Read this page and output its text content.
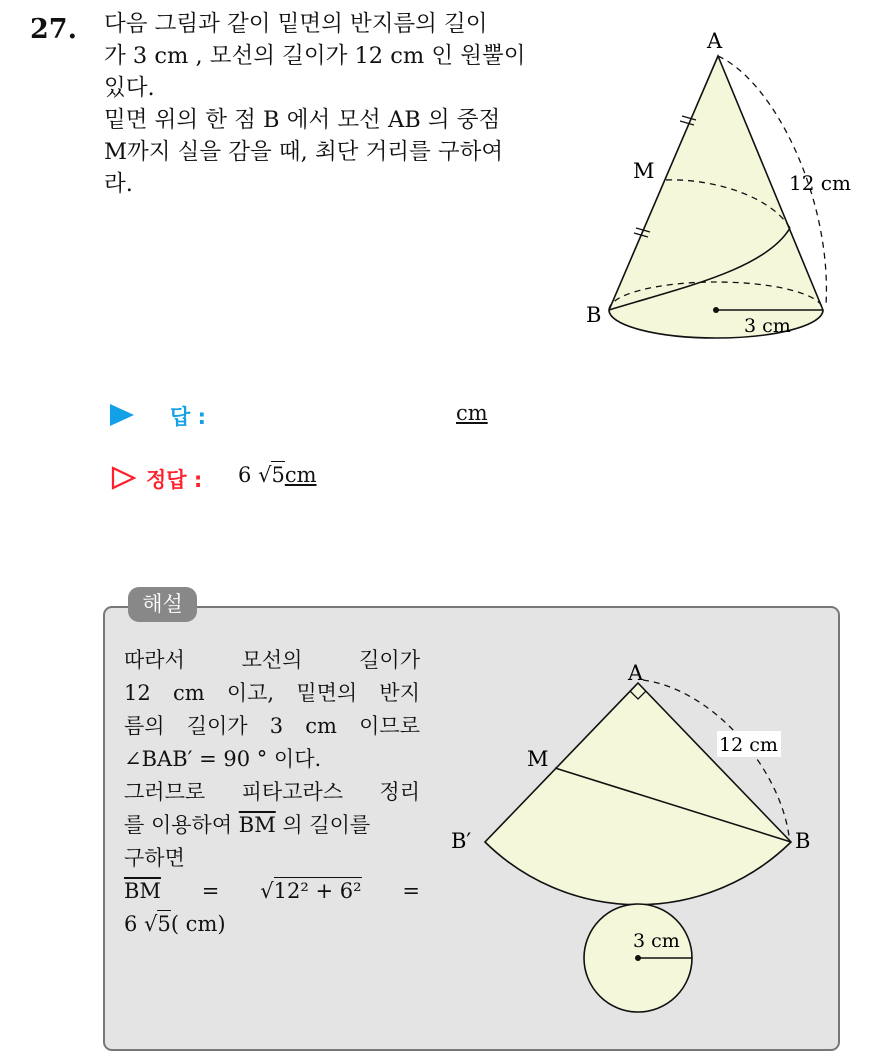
27. 다음 그림과 같이 밑면의 반지름의 길이

가 3 cm , 모선의 길이가 12 cm 인 원뿔이

있다.

밑면 위의 한 점 B 에서 모선 AB 의 중점

M까지 실을 감을 때, 최단 거리를 구하여

라.

A
M
B
12 cm
3 cm
답 :	cm
정답 : 6 √5cm
해설

따라서 모선의 길이가

12 cm 이고, 밑면의 반지

름의 길이가 3 cm 이므로

∠BAB′ = 90 ° 이다.

그러므로 피타고라스 정리

를 이용하여 $\overline{BM}$ 의 길이를

구하면

$\overline{BM} = √12^2 + 6^2$ =

6 √5( cm)

12 cm
3 cm
A
M
B
B′
